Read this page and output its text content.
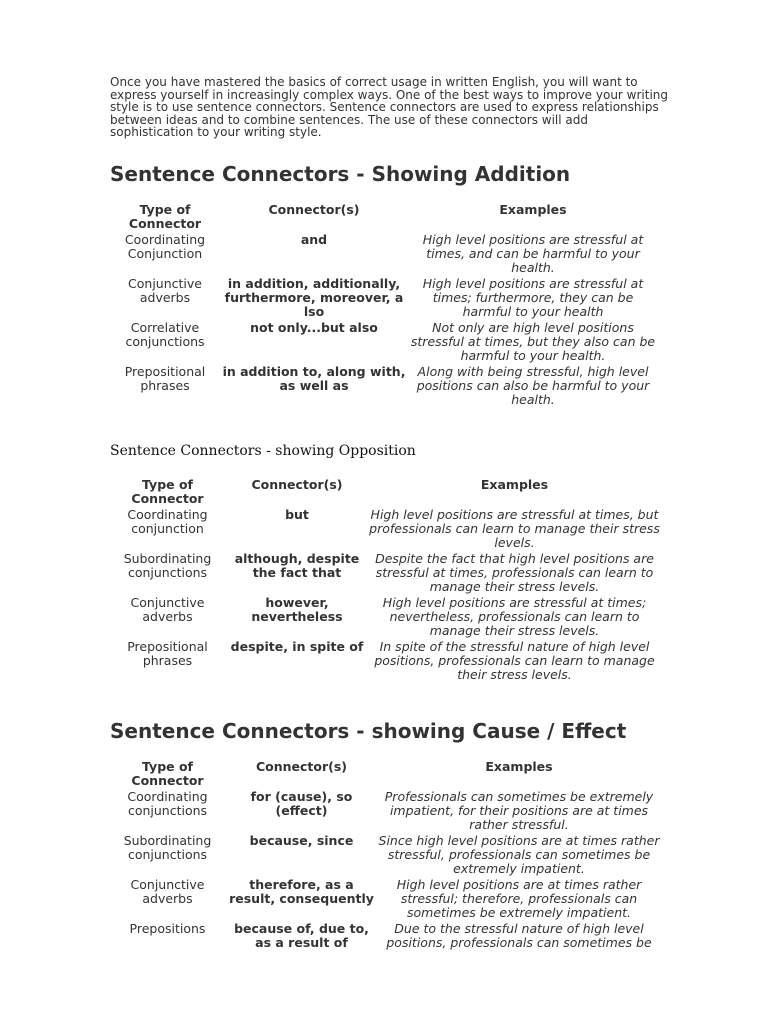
Once you have mastered the basics of correct usage in written English, you will want to express yourself in increasingly complex ways. One of the best ways to improve your writing style is to use sentence connectors. Sentence connectors are used to express relationships between ideas and to combine sentences. The use of these connectors will add sophistication to your writing style.

Sentence Connectors - Showing Addition
Type of Connector	Connector(s)	Examples
Coordinating Conjunction	and	High level positions are stressful at times, and can be harmful to your health.
Conjunctive adverbs	in addition, additionally, furthermore, moreover, a lso	High level positions are stressful at times; furthermore, they can be harmful to your health
Correlative conjunctions	not only...but also	Not only are high level positions stressful at times, but they also can be harmful to your health.
Prepositional phrases	in addition to, along with, as well as	Along with being stressful, high level positions can also be harmful to your health.
Sentence Connectors - showing Opposition
Type of Connector	Connector(s)	Examples
Coordinating conjunction	but	High level positions are stressful at times, but professionals can learn to manage their stress levels.
Subordinating conjunctions	although, despite the fact that	Despite the fact that high level positions are stressful at times, professionals can learn to manage their stress levels.
Conjunctive adverbs	however, nevertheless	High level positions are stressful at times; nevertheless, professionals can learn to manage their stress levels.
Prepositional phrases	despite, in spite of	In spite of the stressful nature of high level positions, professionals can learn to manage their stress levels.
Sentence Connectors - showing Cause / Effect
Type of Connector	Connector(s)	Examples
Coordinating conjunctions	for (cause), so (effect)	Professionals can sometimes be extremely impatient, for their positions are at times rather stressful.
Subordinating conjunctions	because, since	Since high level positions are at times rather stressful, professionals can sometimes be extremely impatient.
Conjunctive adverbs	therefore, as a result, consequently	High level positions are at times rather stressful; therefore, professionals can sometimes be extremely impatient.
Prepositions	because of, due to, as a result of	Due to the stressful nature of high level positions, professionals can sometimes be
